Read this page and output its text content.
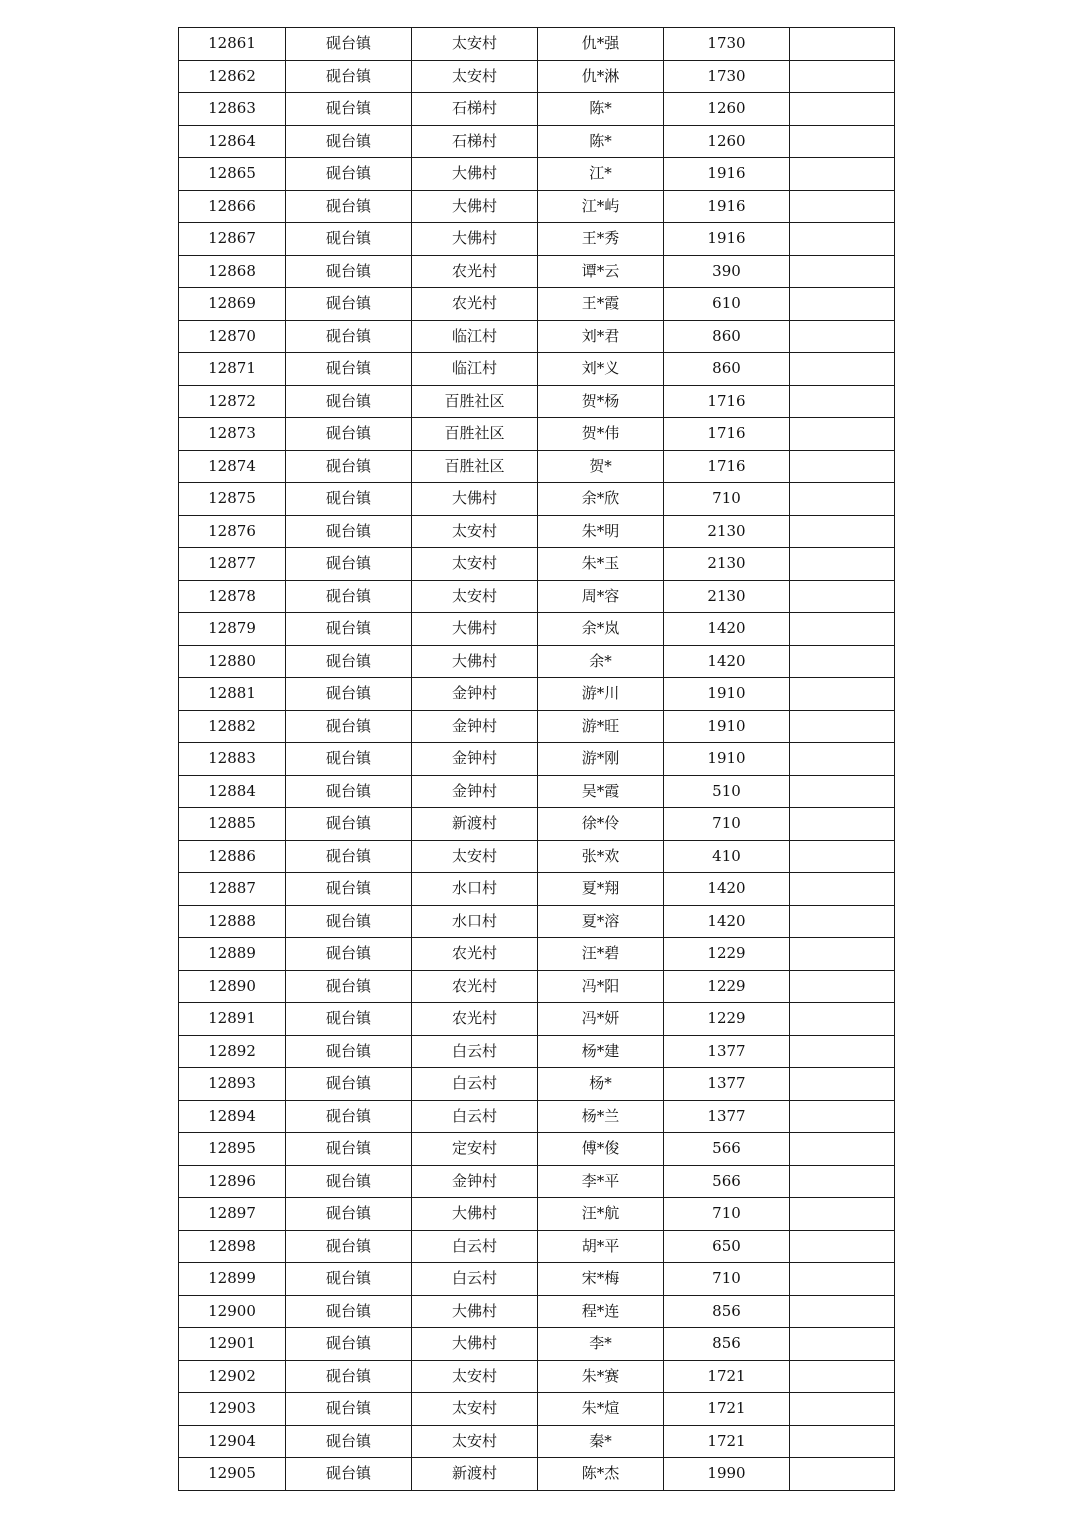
12861	砚台镇	太安村	仇*强	1730	
12862	砚台镇	太安村	仇*淋	1730	
12863	砚台镇	石梯村	陈*	1260	
12864	砚台镇	石梯村	陈*	1260	
12865	砚台镇	大佛村	江*	1916	
12866	砚台镇	大佛村	江*屿	1916	
12867	砚台镇	大佛村	王*秀	1916	
12868	砚台镇	农光村	谭*云	390	
12869	砚台镇	农光村	王*霞	610	
12870	砚台镇	临江村	刘*君	860	
12871	砚台镇	临江村	刘*义	860	
12872	砚台镇	百胜社区	贺*杨	1716	
12873	砚台镇	百胜社区	贺*伟	1716	
12874	砚台镇	百胜社区	贺*	1716	
12875	砚台镇	大佛村	余*欣	710	
12876	砚台镇	太安村	朱*明	2130	
12877	砚台镇	太安村	朱*玉	2130	
12878	砚台镇	太安村	周*容	2130	
12879	砚台镇	大佛村	余*岚	1420	
12880	砚台镇	大佛村	余*	1420	
12881	砚台镇	金钟村	游*川	1910	
12882	砚台镇	金钟村	游*旺	1910	
12883	砚台镇	金钟村	游*刚	1910	
12884	砚台镇	金钟村	吴*霞	510	
12885	砚台镇	新渡村	徐*伶	710	
12886	砚台镇	太安村	张*欢	410	
12887	砚台镇	水口村	夏*翔	1420	
12888	砚台镇	水口村	夏*溶	1420	
12889	砚台镇	农光村	汪*碧	1229	
12890	砚台镇	农光村	冯*阳	1229	
12891	砚台镇	农光村	冯*妍	1229	
12892	砚台镇	白云村	杨*建	1377	
12893	砚台镇	白云村	杨*	1377	
12894	砚台镇	白云村	杨*兰	1377	
12895	砚台镇	定安村	傅*俊	566	
12896	砚台镇	金钟村	李*平	566	
12897	砚台镇	大佛村	汪*航	710	
12898	砚台镇	白云村	胡*平	650	
12899	砚台镇	白云村	宋*梅	710	
12900	砚台镇	大佛村	程*连	856	
12901	砚台镇	大佛村	李*	856	
12902	砚台镇	太安村	朱*赛	1721	
12903	砚台镇	太安村	朱*煊	1721	
12904	砚台镇	太安村	秦*	1721	
12905	砚台镇	新渡村	陈*杰	1990	
